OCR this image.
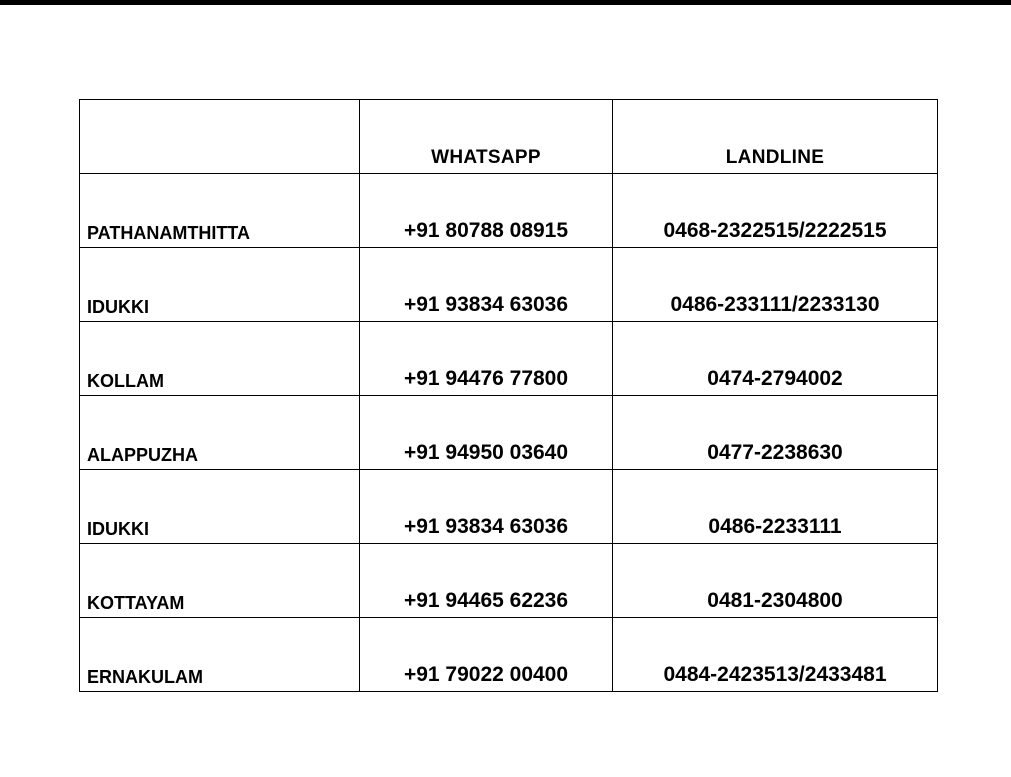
	WHATSAPP	LANDLINE
PATHANAMTHITTA	+91 80788 08915	0468-2322515/2222515
IDUKKI	+91 93834 63036	0486-233111/2233130
KOLLAM	+91 94476 77800	0474-2794002
ALAPPUZHA	+91 94950 03640	0477-2238630
IDUKKI	+91 93834 63036	0486-2233111
KOTTAYAM	+91 94465 62236	0481-2304800
ERNAKULAM	+91 79022 00400	0484-2423513/2433481
